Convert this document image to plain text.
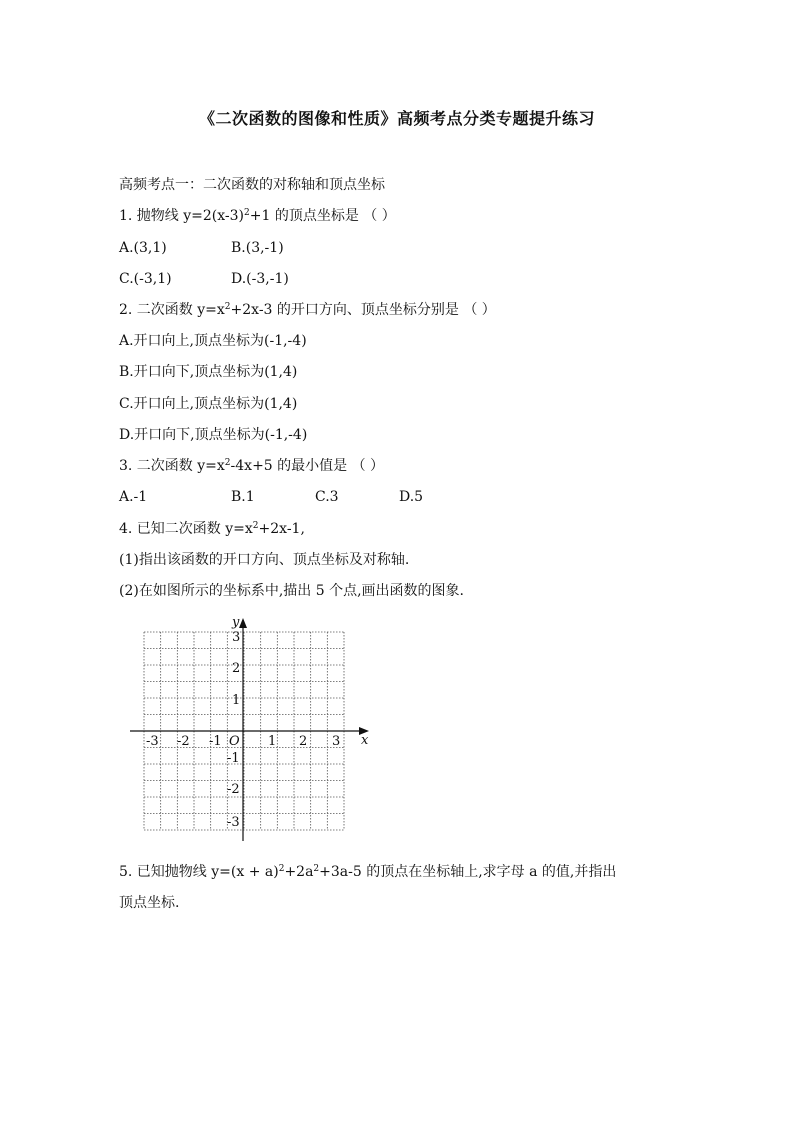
《二次函数的图像和性质》高频考点分类专题提升练习
高频考点一：二次函数的对称轴和顶点坐标
1. 抛物线 $y=2(x-3)^2+1$ 的顶点坐标是 （ ）
A.(3,1)	B.(3,-1)
C.(-3,1)	D.(-3,-1)
2. 二次函数 $y=x^2+2x-3$ 的开口方向、顶点坐标分别是 （ ）
A.开口向上,顶点坐标为(-1,-4)
B.开口向下,顶点坐标为(1,4)
C.开口向上,顶点坐标为(1,4)
D.开口向下,顶点坐标为(-1,-4)
3. 二次函数 $y=x^2-4x+5$ 的最小值是 （ ）
A.-1	B.1	C.3	D.5
4. 已知二次函数 $y=x^2+2x-1$,
(1)指出该函数的开口方向、顶点坐标及对称轴.
(2)在如图所示的坐标系中,描出 5 个点,画出函数的图象.
x
y
O
-3 -2 -1	1 2 3
3
2
1
-1
-2
-3
5. 已知抛物线 $y=(x + a)^2+2a^2+3a-5$ 的顶点在坐标轴上,求字母 a 的值,并指出
顶点坐标.
